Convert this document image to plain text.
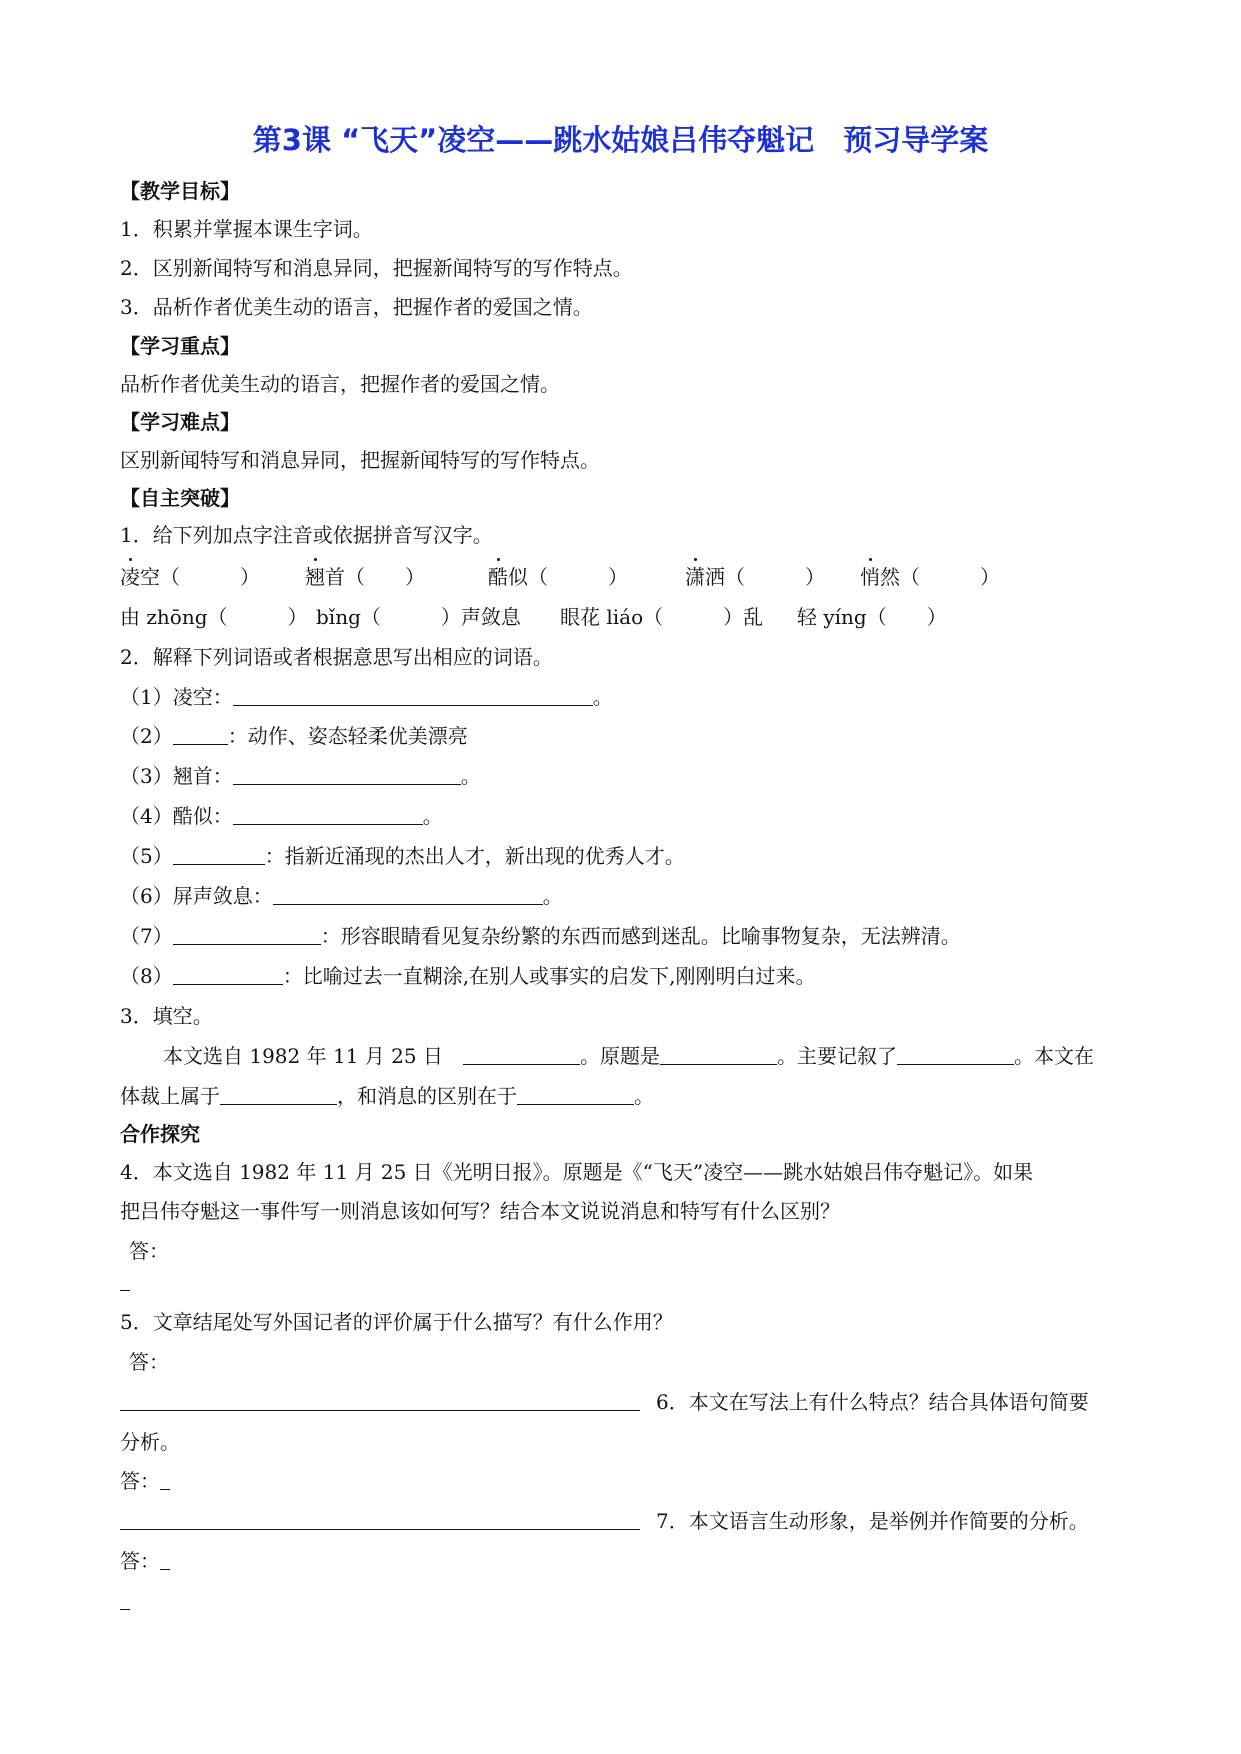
第3课 “飞天”凌空——跳水姑娘吕伟夺魁记　预习导学案
【教学目标】
1．积累并掌握本课生字词。
2．区别新闻特写和消息异同，把握新闻特写的写作特点。
3．品析作者优美生动的语言，把握作者的爱国之情。
【学习重点】
品析作者优美生动的语言，把握作者的爱国之情。
【学习难点】
区别新闻特写和消息异同，把握新闻特写的写作特点。
【自主突破】
1．给下列加点字注音或依据拼音写汉字。
凌空（　　　） 翘首（　　）	酷似（　　　）	潇洒（　　　） 悄然（　　　）
由 zhōng（　　　） bǐng（　　　）声敛息 眼花 liáo（　　　）乱 轻 yíng（　　）
2．解释下列词语或者根据意思写出相应的词语。
（1）凌空：	。
（2）	：动作、姿态轻柔优美漂亮
（3）翘首：	。
（4）酷似：	。
（5）	：指新近涌现的杰出人才，新出现的优秀人才。
（6）屏声敛息：	。
（7）	：形容眼睛看见复杂纷繁的东西而感到迷乱。比喻事物复杂，无法辨清。
（8）	：比喻过去一直糊涂,在别人或事实的启发下,刚刚明白过来。
3．填空。
本文选自 1982 年 11 月 25 日	。原题是	。主要记叙了	。本文在
体裁上属于	，和消息的区别在于	。
合作探究
4．本文选自 1982 年 11 月 25 日《光明日报》。原题是《“飞天”凌空——跳水姑娘吕伟夺魁记》。如果
把吕伟夺魁这一事件写一则消息该如何写？结合本文说说消息和特写有什么区别？
答：
5．文章结尾处写外国记者的评价属于什么描写？有什么作用？
答：
6．本文在写法上有什么特点？结合具体语句简要
分析。
答：
7．本文语言生动形象，是举例并作简要的分析。
答：
